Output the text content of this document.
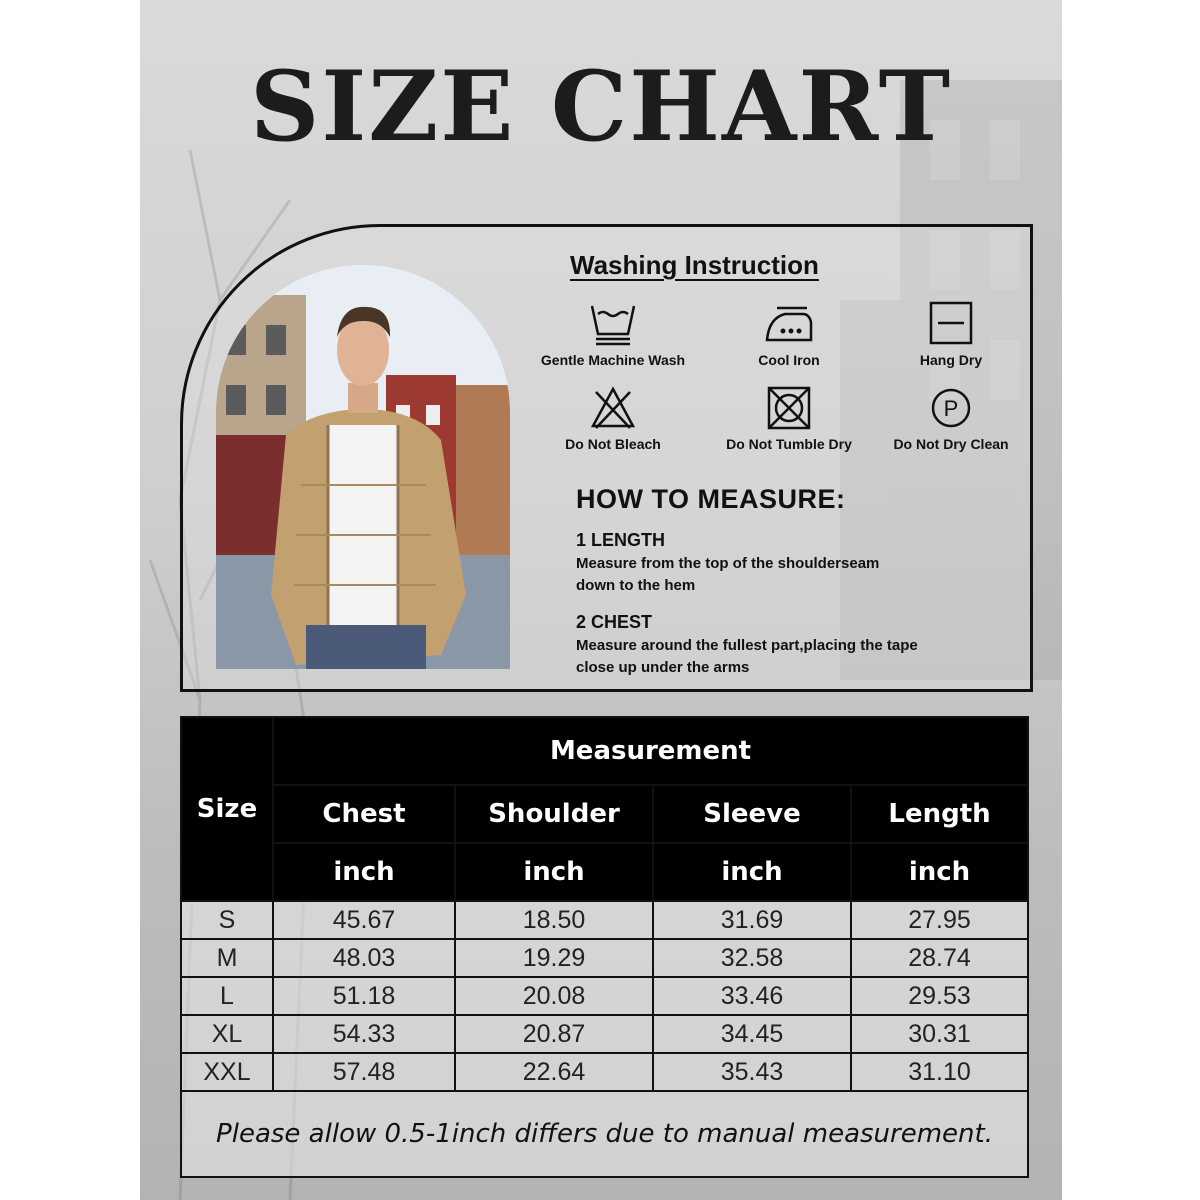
SIZE CHART
Washing Instruction
Gentle Machine Wash	Cool Iron	Hang Dry
Do Not Bleach	Do Not Tumble Dry
P
Do Not Dry Clean
HOW TO MEASURE:
1 LENGTH
Measure from the top of the shoulderseam
down to the hem
2 CHEST
Measure around the fullest part,placing the tape
close up under the arms
Size	Measurement			
	Chest	Shoulder	Sleeve	Length
	inch	inch	inch	inch
S	45.67	18.50	31.69	27.95
M	48.03	19.29	32.58	28.74
L	51.18	20.08	33.46	29.53
XL	54.33	20.87	34.45	30.31
XXL	57.48	22.64	35.43	31.10
Please allow 0.5-1inch differs due to manual measurement.				
